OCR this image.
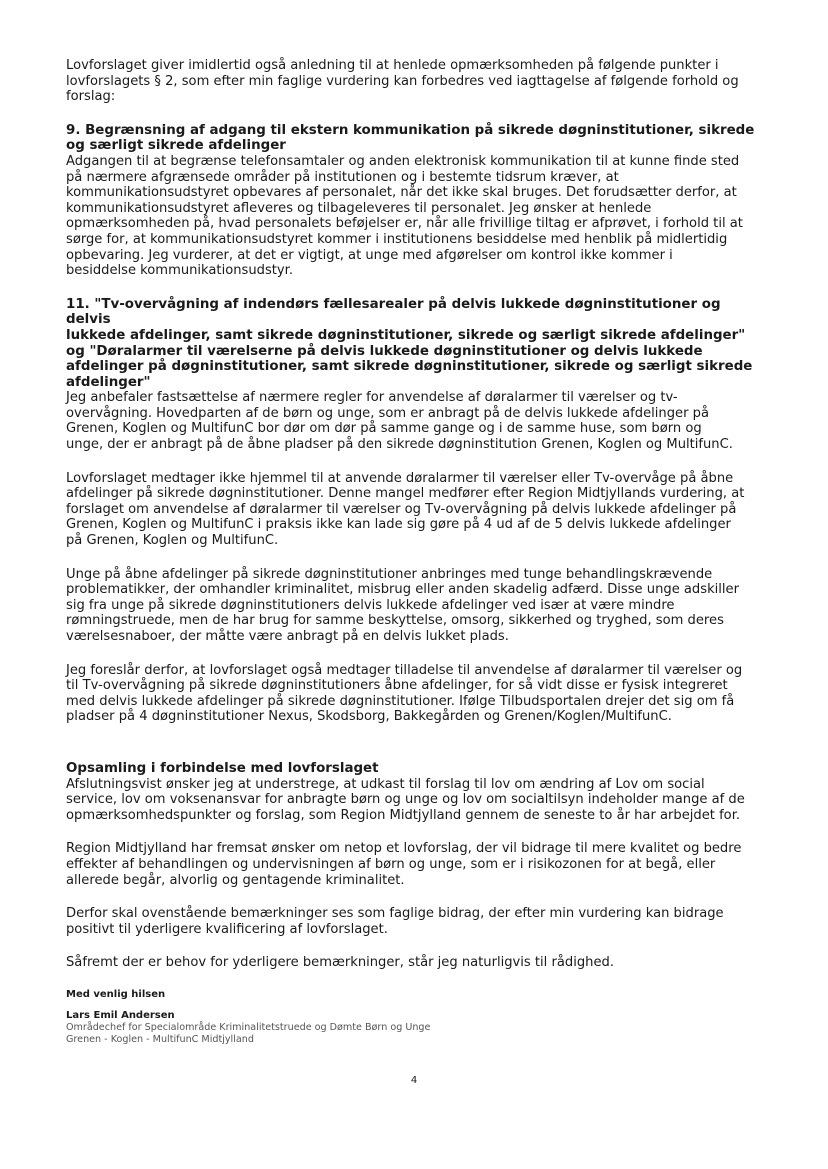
Lovforslaget giver imidlertid også anledning til at henlede opmærksomheden på følgende punkter i
lovforslagets § 2, som efter min faglige vurdering kan forbedres ved iagttagelse af følgende forhold og
forslag:

9. Begrænsning af adgang til ekstern kommunikation på sikrede døgninstitutioner, sikrede
og særligt sikrede afdelinger

Adgangen til at begrænse telefonsamtaler og anden elektronisk kommunikation til at kunne finde sted
på nærmere afgrænsede områder på institutionen og i bestemte tidsrum kræver, at
kommunikationsudstyret opbevares af personalet, når det ikke skal bruges. Det forudsætter derfor, at
kommunikationsudstyret afleveres og tilbageleveres til personalet. Jeg ønsker at henlede
opmærksomheden på, hvad personalets beføjelser er, når alle frivillige tiltag er afprøvet, i forhold til at
sørge for, at kommunikationsudstyret kommer i institutionens besiddelse med henblik på midlertidig
opbevaring. Jeg vurderer, at det er vigtigt, at unge med afgørelser om kontrol ikke kommer i
besiddelse kommunikationsudstyr.

11. "Tv-overvågning af indendørs fællesarealer på delvis lukkede døgninstitutioner og delvis
lukkede afdelinger, samt sikrede døgninstitutioner, sikrede og særligt sikrede afdelinger"
og "Døralarmer til værelserne på delvis lukkede døgninstitutioner og delvis lukkede
afdelinger på døgninstitutioner, samt sikrede døgninstitutioner, sikrede og særligt sikrede
afdelinger"

Jeg anbefaler fastsættelse af nærmere regler for anvendelse af døralarmer til værelser og tv-
overvågning. Hovedparten af de børn og unge, som er anbragt på de delvis lukkede afdelinger på
Grenen, Koglen og MultifunC bor dør om dør på samme gange og i de samme huse, som børn og
unge, der er anbragt på de åbne pladser på den sikrede døgninstitution Grenen, Koglen og MultifunC.

Lovforslaget medtager ikke hjemmel til at anvende døralarmer til værelser eller Tv-overvåge på åbne
afdelinger på sikrede døgninstitutioner. Denne mangel medfører efter Region Midtjyllands vurdering, at
forslaget om anvendelse af døralarmer til værelser og Tv-overvågning på delvis lukkede afdelinger på
Grenen, Koglen og MultifunC i praksis ikke kan lade sig gøre på 4 ud af de 5 delvis lukkede afdelinger
på Grenen, Koglen og MultifunC.

Unge på åbne afdelinger på sikrede døgninstitutioner anbringes med tunge behandlingskrævende
problematikker, der omhandler kriminalitet, misbrug eller anden skadelig adfærd. Disse unge adskiller
sig fra unge på sikrede døgninstitutioners delvis lukkede afdelinger ved især at være mindre
rømningstruede, men de har brug for samme beskyttelse, omsorg, sikkerhed og tryghed, som deres
værelsesnaboer, der måtte være anbragt på en delvis lukket plads.

Jeg foreslår derfor, at lovforslaget også medtager tilladelse til anvendelse af døralarmer til værelser og
til Tv-overvågning på sikrede døgninstitutioners åbne afdelinger, for så vidt disse er fysisk integreret
med delvis lukkede afdelinger på sikrede døgninstitutioner. Ifølge Tilbudsportalen drejer det sig om få
pladser på 4 døgninstitutioner Nexus, Skodsborg, Bakkegården og Grenen/Koglen/MultifunC.

Opsamling i forbindelse med lovforslaget

Afslutningsvist ønsker jeg at understrege, at udkast til forslag til lov om ændring af Lov om social
service, lov om voksenansvar for anbragte børn og unge og lov om socialtilsyn indeholder mange af de
opmærksomhedspunkter og forslag, som Region Midtjylland gennem de seneste to år har arbejdet for.

Region Midtjylland har fremsat ønsker om netop et lovforslag, der vil bidrage til mere kvalitet og bedre
effekter af behandlingen og undervisningen af børn og unge, som er i risikozonen for at begå, eller
allerede begår, alvorlig og gentagende kriminalitet.

Derfor skal ovenstående bemærkninger ses som faglige bidrag, der efter min vurdering kan bidrage
positivt til yderligere kvalificering af lovforslaget.

Såfremt der er behov for yderligere bemærkninger, står jeg naturligvis til rådighed.

Med venlig hilsen

Lars Emil Andersen

Områdechef for Specialområde Kriminalitetstruede og Dømte Børn og Unge

Grenen - Koglen - MultifunC Midtjylland

4
